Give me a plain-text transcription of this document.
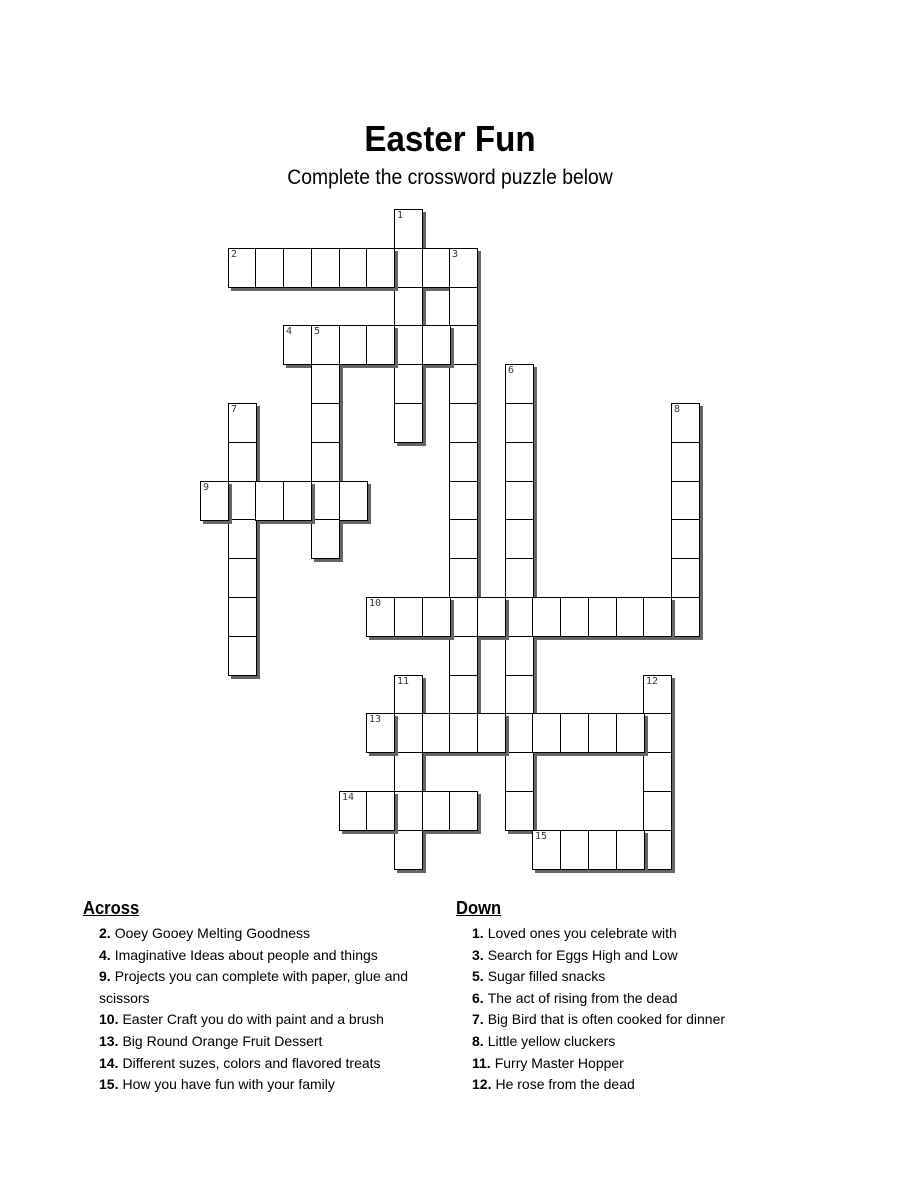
Easter Fun
Complete the crossword puzzle below
1
2	3
4 5
6
7	8
9
10
11	12
13
14
15
Across
2. Ooey Gooey Melting Goodness
4. Imaginative Ideas about people and things
9. Projects you can complete with paper, glue and scissors
10. Easter Craft you do with paint and a brush
13. Big Round Orange Fruit Dessert
14. Different suzes, colors and flavored treats
15. How you have fun with your family
Down
1. Loved ones you celebrate with
3. Search for Eggs High and Low
5. Sugar filled snacks
6. The act of rising from the dead
7. Big Bird that is often cooked for dinner
8. Little yellow cluckers
11. Furry Master Hopper
12. He rose from the dead
